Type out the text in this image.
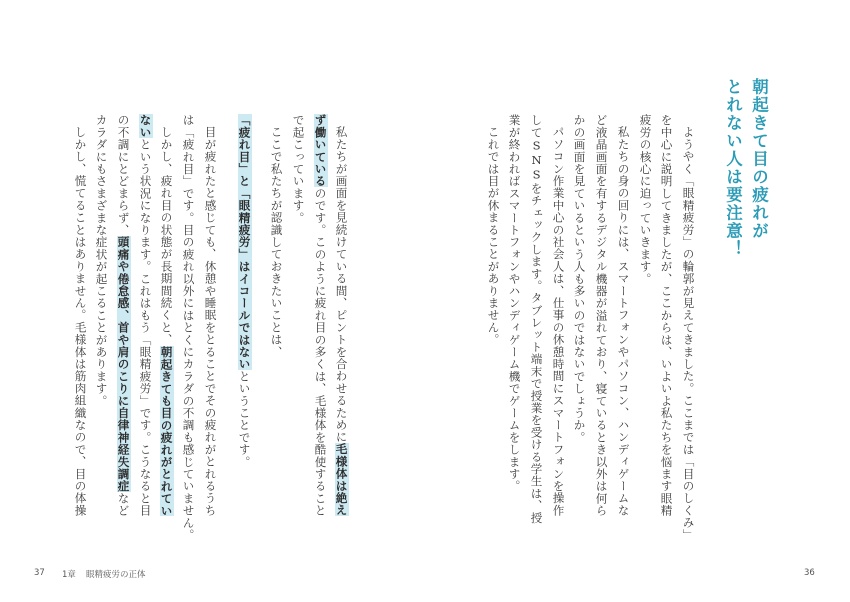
朝起きて目の疲れが
とれない人は要注意！
ようやく「眼精疲労」の輪郭が見えてきました。ここまでは「目のしくみ」
を中心に説明してきましたが、ここからは、いよいよ私たちを悩ます眼精
疲労の核心に迫っていきます。
私たちの身の回りには、スマートフォンやパソコン、ハンディゲームな
ど液晶画面を有するデジタル機器が溢れており、寝ているとき以外は何ら
かの画面を見ているという人も多いのではないでしょうか。
パソコン作業中心の社会人は、仕事の休憩時間にスマートフォンを操作
してSNSをチェックします。タブレット端末で授業を受ける学生は、授
業が終わればスマートフォンやハンディゲーム機でゲームをします。
これでは目が休まることがありません。
私たちが画面を見続けている間、ピントを合わせるために毛様体は絶え
ず働いているのです。このように疲れ目の多くは、毛様体を酷使すること
で起こっています。
ここで私たちが認識しておきたいことは、
「疲れ目」と「眼精疲労」はイコールではないということです。
目が疲れたと感じても、休憩や睡眠をとることでその疲れがとれるうち
は「疲れ目」です。目の疲れ以外にはとくにカラダの不調も感じていません。
しかし、疲れ目の状態が長期間続くと、朝起きても目の疲れがとれてい
ないという状況になります。これはもう「眼精疲労」です。こうなると目
の不調にとどまらず、頭痛や倦怠感、首や肩のこりに自律神経失調症など
カラダにもさまざまな症状が起こることがあります。
しかし、慌てることはありません。毛様体は筋肉組織なので、目の体操
37 1章 眼精疲労の正体	36
